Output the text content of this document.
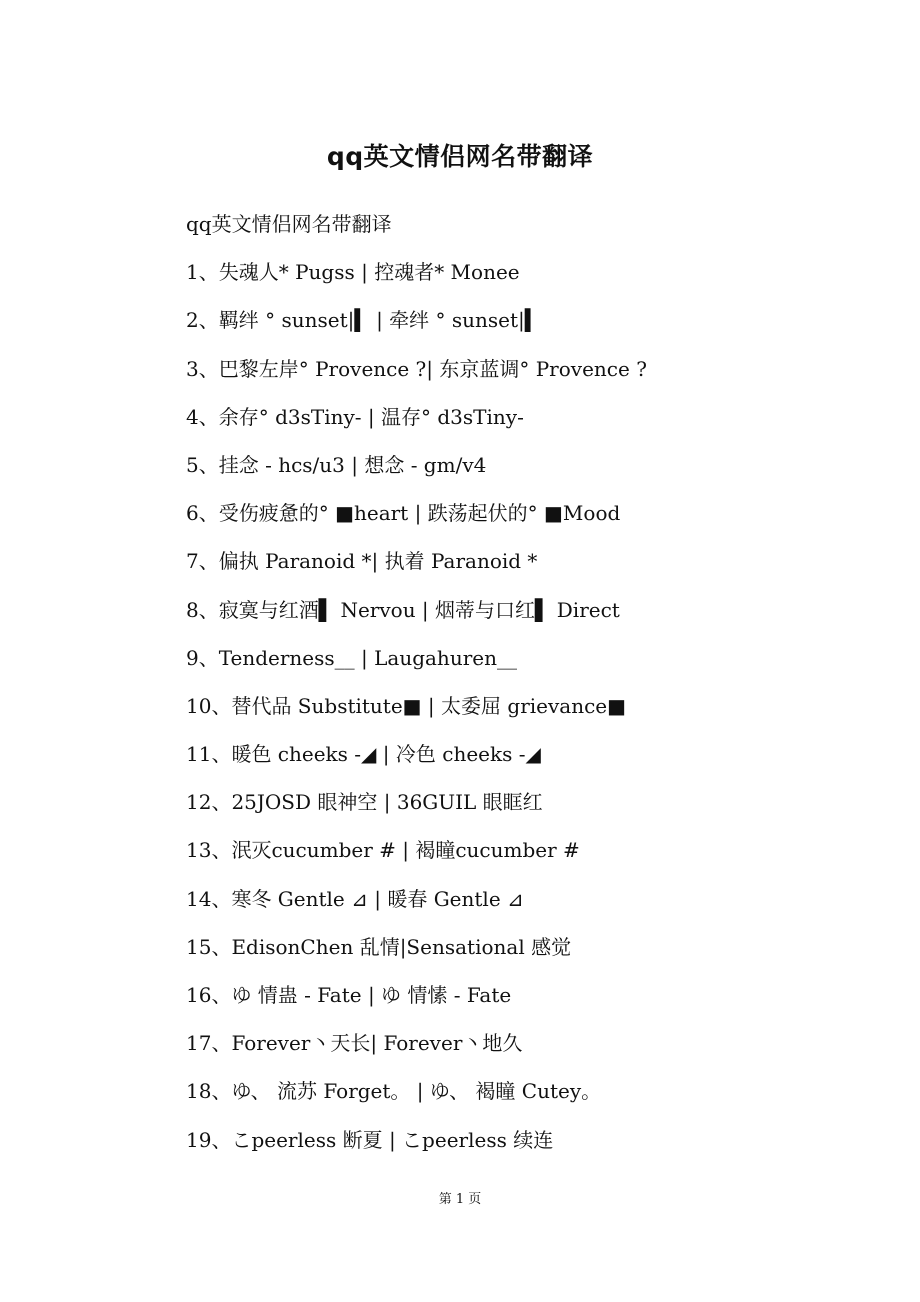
qq英文情侣网名带翻译
qq英文情侣网名带翻译
1、失魂人* Pugss | 控魂者* Monee
2、羁绊 ° sunset|▍ | 牵绊 ° sunset|▍
3、巴黎左岸° Provence ?| 东京蓝调° Provence ?
4、余存° d3sTiny- | 温存° d3sTiny-
5、挂念 - hcs/u3 | 想念 - gm/v4
6、受伤疲惫的° ■heart | 跌荡起伏的° ■Mood
7、偏执 Paranoid *| 执着 Paranoid *
8、寂寞与红酒▌ Nervou | 烟蒂与口红▌ Direct
9、Tenderness__ | Laugahuren__
10、替代品 Substitute■ | 太委屈 grievance■
11、暖色 cheeks -◢ | 冷色 cheeks -◢
12、25JOSD 眼神空 | 36GUIL 眼眶红
13、泯灭cucumber # | 褐瞳cucumber #
14、寒冬 Gentle ⊿ | 暖春 Gentle ⊿
15、EdisonChen 乱情|Sensational 感觉
16、ゆ 情蛊 - Fate | ゆ 情愫 - Fate
17、Forever丶天长| Forever丶地久
18、ゆ、 流苏 Forget。 | ゆ、 褐瞳 Cutey。
19、こpeerless 断夏 | こpeerless 续连
第 1 页
